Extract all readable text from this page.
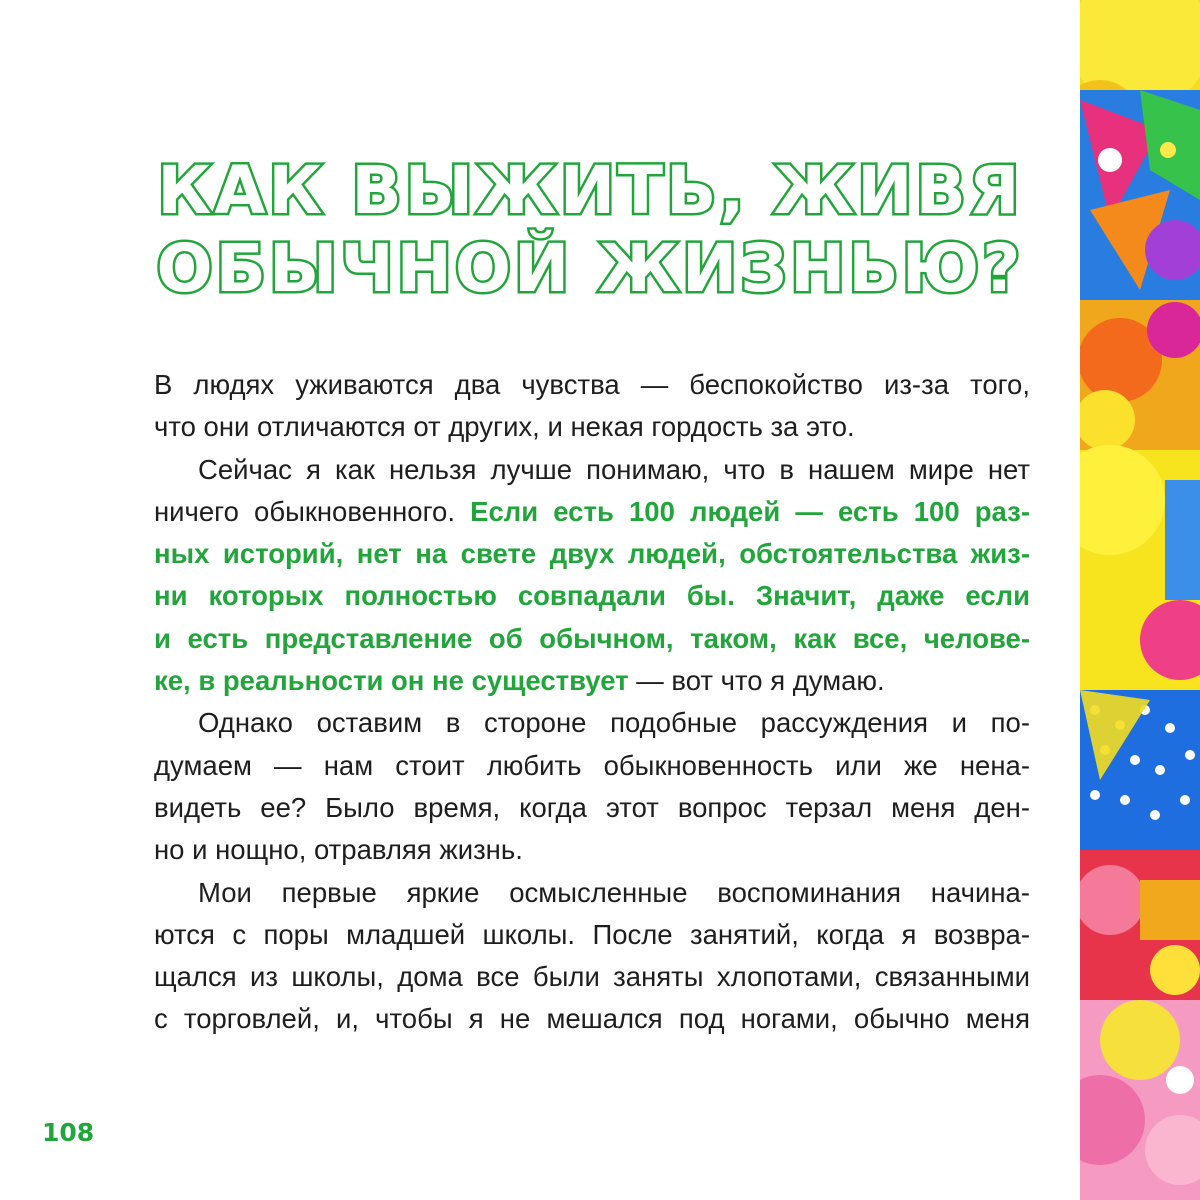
КАК ВЫЖИТЬ, ЖИВЯ
ОБЫЧНОЙ ЖИЗНЬЮ?
В людях уживаются два чувства — беспокойство из-за того,
что они отличаются от других, и некая гордость за это.
Сейчас я как нельзя лучше понимаю, что в нашем мире нет
ничего обыкновенного. Если есть 100 людей — есть 100 раз-
ных историй, нет на свете двух людей, обстоятельства жиз-
ни которых полностью совпадали бы. Значит, даже если
и есть представление об обычном, таком, как все, челове-
ке, в реальности он не существует — вот что я думаю.
Однако оставим в стороне подобные рассуждения и по-
думаем — нам стоит любить обыкновенность или же нена-
видеть ее? Было время, когда этот вопрос терзал меня ден-
но и нощно, отравляя жизнь.
Мои первые яркие осмысленные воспоминания начина-
ются с поры младшей школы. После занятий, когда я возвра-
щался из школы, дома все были заняты хлопотами, связанными
с торговлей, и, чтобы я не мешался под ногами, обычно меня
108
